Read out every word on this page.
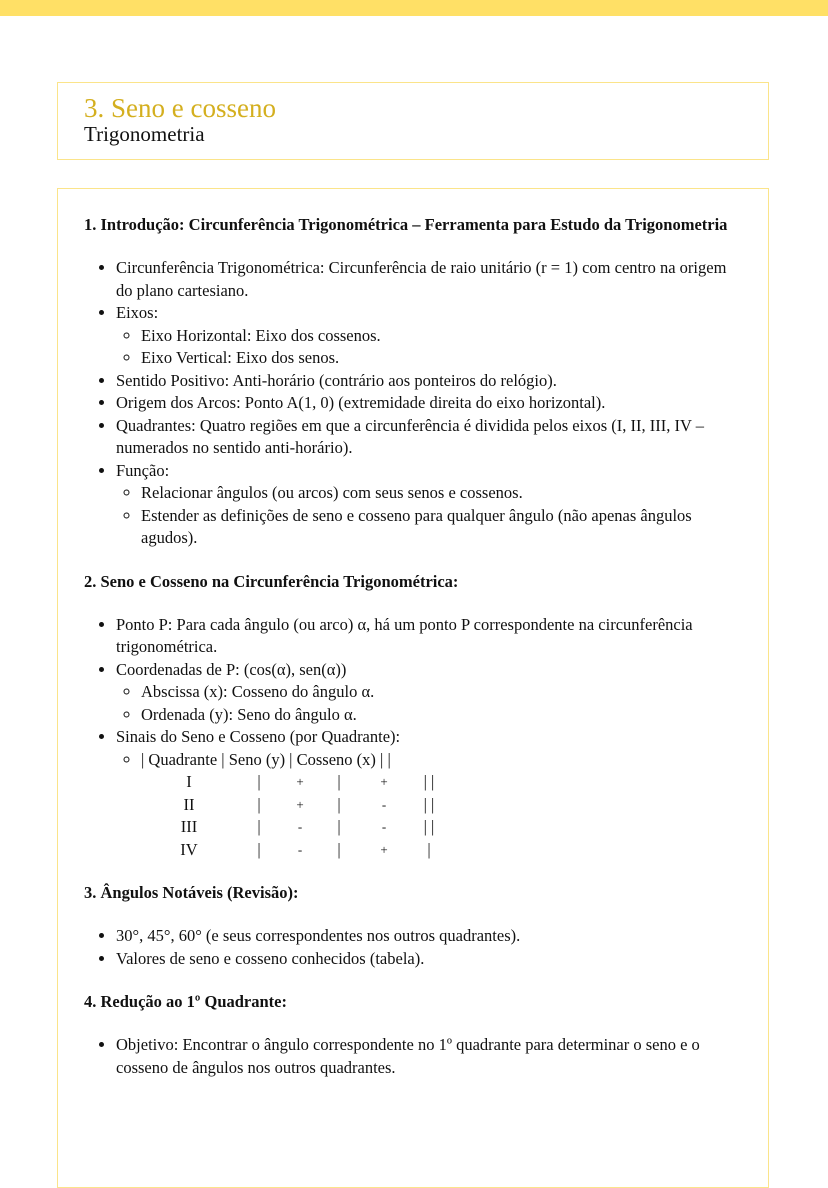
3. Seno e cosseno
Trigonometria
1. Introdução: Circunferência Trigonométrica – Ferramenta para Estudo da Trigonometria
• Circunferência Trigonométrica: Circunferência de raio unitário (r = 1) com centro na origem do plano cartesiano.
• Eixos:
◦ Eixo Horizontal: Eixo dos cossenos.
◦ Eixo Vertical: Eixo dos senos.
• Sentido Positivo: Anti-horário (contrário aos ponteiros do relógio).
• Origem dos Arcos: Ponto A(1, 0) (extremidade direita do eixo horizontal).
• Quadrantes: Quatro regiões em que a circunferência é dividida pelos eixos (I, II, III, IV – numerados no sentido anti-horário).
• Função:
◦ Relacionar ângulos (ou arcos) com seus senos e cossenos.
◦ Estender as definições de seno e cosseno para qualquer ângulo (não apenas ângulos agudos).
2. Seno e Cosseno na Circunferência Trigonométrica:
• Ponto P: Para cada ângulo (ou arco) α, há um ponto P correspondente na circunferência trigonométrica.
• Coordenadas de P: (cos(α), sen(α))
◦ Abscissa (x): Cosseno do ângulo α.
◦ Ordenada (y): Seno do ângulo α.
• Sinais do Seno e Cosseno (por Quadrante):
◦ | Quadrante | Seno (y) | Cosseno (x) | |
I	|	+	|	+	| |
II	|	+	|	-	| |
III	|	-	|	-	| |
IV	|	-	|	+	|
3. Ângulos Notáveis (Revisão):
• 30°, 45°, 60° (e seus correspondentes nos outros quadrantes).
• Valores de seno e cosseno conhecidos (tabela).
4. Redução ao 1º Quadrante:
• Objetivo: Encontrar o ângulo correspondente no 1º quadrante para determinar o seno e o cosseno de ângulos nos outros quadrantes.
